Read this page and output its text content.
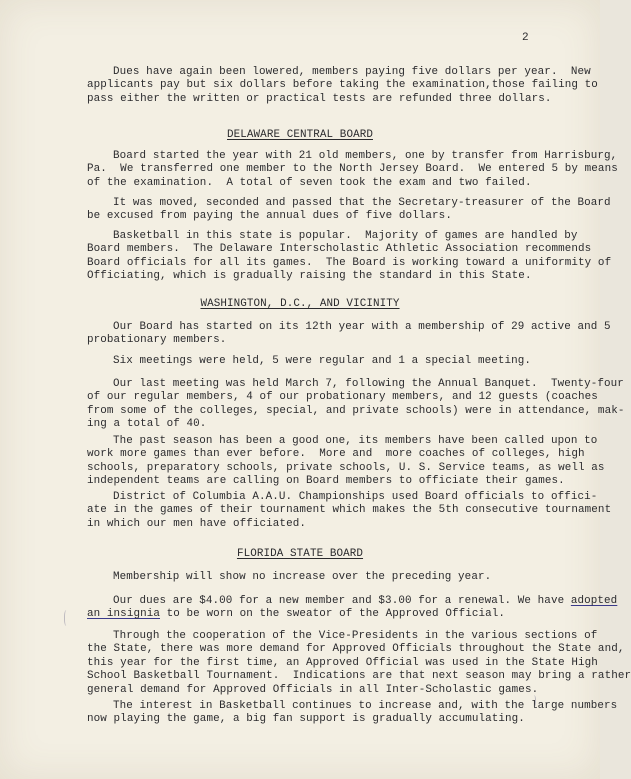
2
Dues have again been lowered, members paying five dollars per year.  New
applicants pay but six dollars before taking the examination,those failing to
pass either the written or practical tests are refunded three dollars.
DELAWARE CENTRAL BOARD
Board started the year with 21 old members, one by transfer from Harrisburg,
Pa.  We transferred one member to the North Jersey Board.  We entered 5 by means
of the examination.  A total of seven took the exam and two failed.
It was moved, seconded and passed that the Secretary-treasurer of the Board
be excused from paying the annual dues of five dollars.
Basketball in this state is popular.  Majority of games are handled by
Board members.  The Delaware Interscholastic Athletic Association recommends
Board officials for all its games.  The Board is working toward a uniformity of
Officiating, which is gradually raising the standard in this State.
WASHINGTON, D.C., AND VICINITY
Our Board has started on its 12th year with a membership of 29 active and 5
probationary members.
Six meetings were held, 5 were regular and 1 a special meeting.
Our last meeting was held March 7, following the Annual Banquet.  Twenty-four
of our regular members, 4 of our probationary members, and 12 guests (coaches
from some of the colleges, special, and private schools) were in attendance, mak-
ing a total of 40.
The past season has been a good one, its members have been called upon to
work more games than ever before.  More and  more coaches of colleges, high
schools, preparatory schools, private schools, U. S. Service teams, as well as
independent teams are calling on Board members to officiate their games.
District of Columbia A.A.U. Championships used Board officials to offici-
ate in the games of their tournament which makes the 5th consecutive tournament
in which our men have officiated.
FLORIDA STATE BOARD
Membership will show no increase over the preceding year.
Our dues are $4.00 for a new member and $3.00 for a renewal. We have adopted
an insignia to be worn on the sweator of the Approved Official.
Through the cooperation of the Vice-Presidents in the various sections of
the State, there was more demand for Approved Officials throughout the State and,
this year for the first time, an Approved Official was used in the State High
School Basketball Tournament.  Indications are that next season may bring a rather
general demand for Approved Officials in all Inter-Scholastic games.
The interest in Basketball continues to increase and, with the large numbers
now playing the game, a big fan support is gradually accumulating.
